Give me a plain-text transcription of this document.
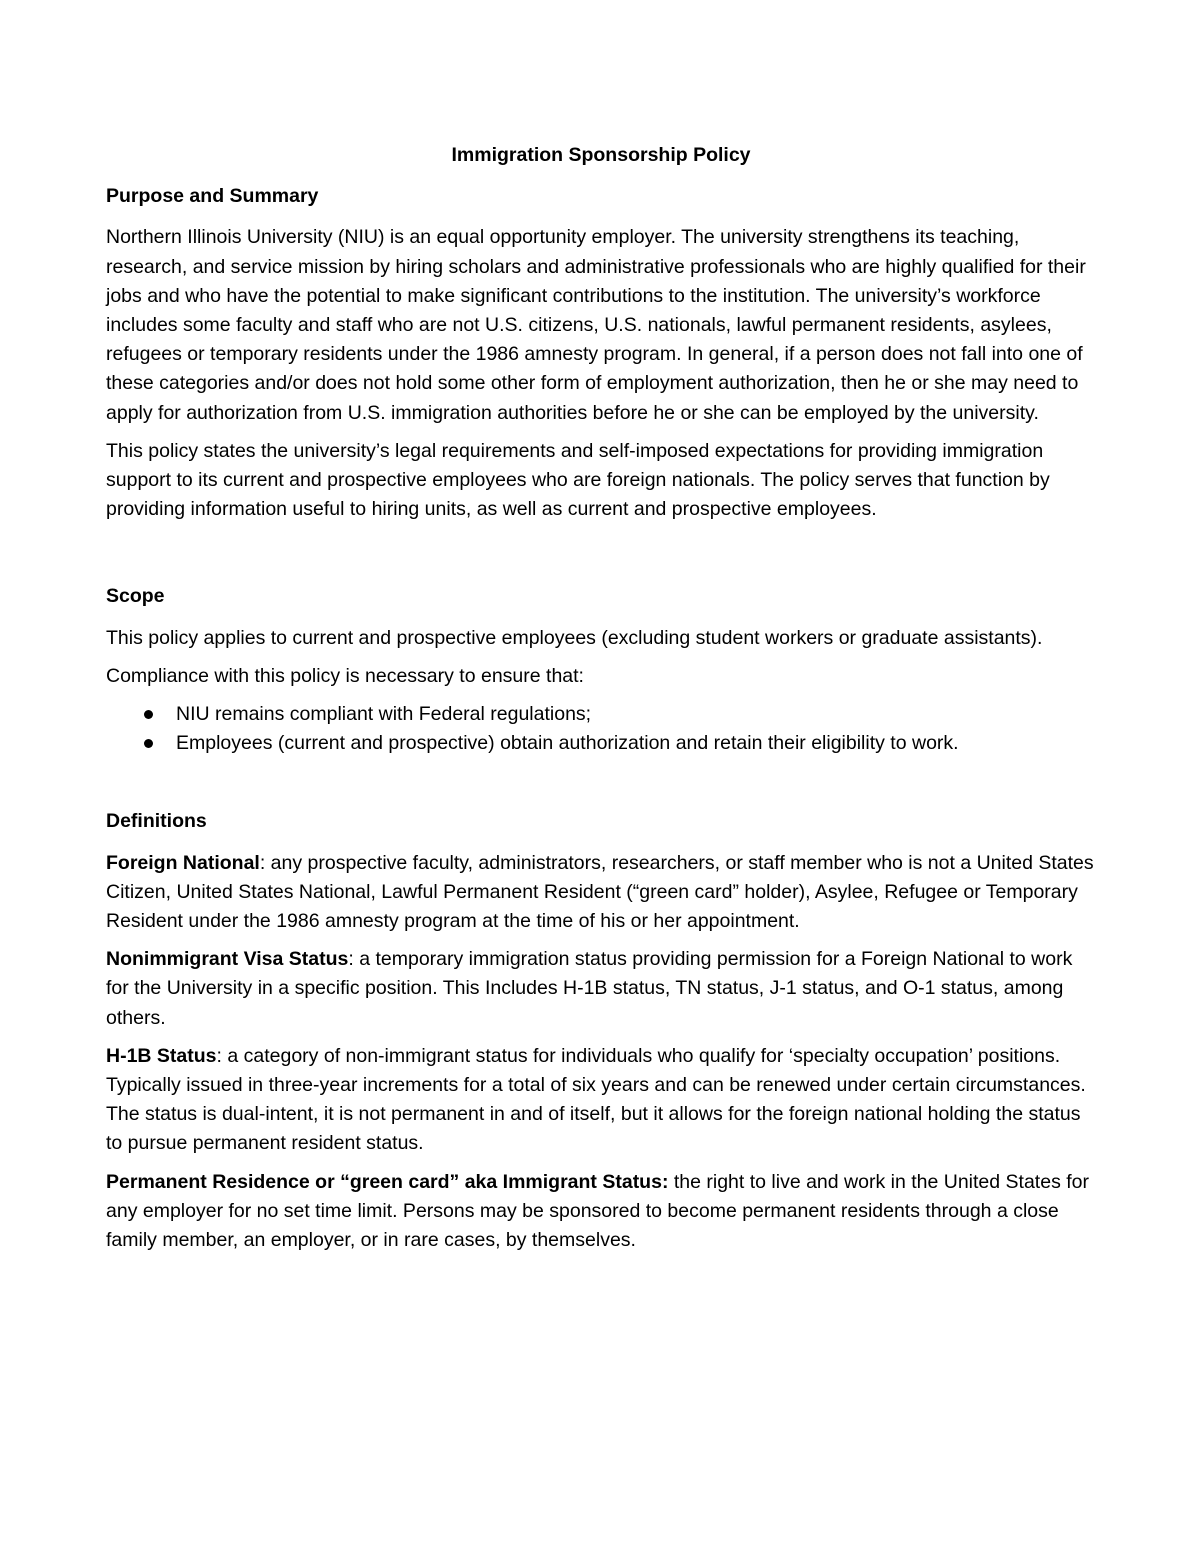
Immigration Sponsorship Policy
Purpose and Summary

Northern Illinois University (NIU) is an equal opportunity employer. The university strengthens its teaching, research, and service mission by hiring scholars and administrative professionals who are highly qualified for their jobs and who have the potential to make significant contributions to the institution. The university’s workforce includes some faculty and staff who are not U.S. citizens, U.S. nationals, lawful permanent residents, asylees, refugees or temporary residents under the 1986 amnesty program. In general, if a person does not fall into one of these categories and/or does not hold some other form of employment authorization, then he or she may need to apply for authorization from U.S. immigration authorities before he or she can be employed by the university.

This policy states the university’s legal requirements and self-imposed expectations for providing immigration support to its current and prospective employees who are foreign nationals. The policy serves that function by providing information useful to hiring units, as well as current and prospective employees.

Scope

This policy applies to current and prospective employees (excluding student workers or graduate assistants).

Compliance with this policy is necessary to ensure that:

NIU remains compliant with Federal regulations;
Employees (current and prospective) obtain authorization and retain their eligibility to work.
Definitions

Foreign National: any prospective faculty, administrators, researchers, or staff member who is not a United States Citizen, United States National, Lawful Permanent Resident (“green card” holder), Asylee, Refugee or Temporary Resident under the 1986 amnesty program at the time of his or her appointment.

Nonimmigrant Visa Status: a temporary immigration status providing permission for a Foreign National to work for the University in a specific position. This Includes H-1B status, TN status, J-1 status, and O-1 status, among others.

H-1B Status: a category of non-immigrant status for individuals who qualify for ‘specialty occupation’ positions. Typically issued in three-year increments for a total of six years and can be renewed under certain circumstances. The status is dual-intent, it is not permanent in and of itself, but it allows for the foreign national holding the status to pursue permanent resident status.

Permanent Residence or “green card” aka Immigrant Status: the right to live and work in the United States for any employer for no set time limit. Persons may be sponsored to become permanent residents through a close family member, an employer, or in rare cases, by themselves.
